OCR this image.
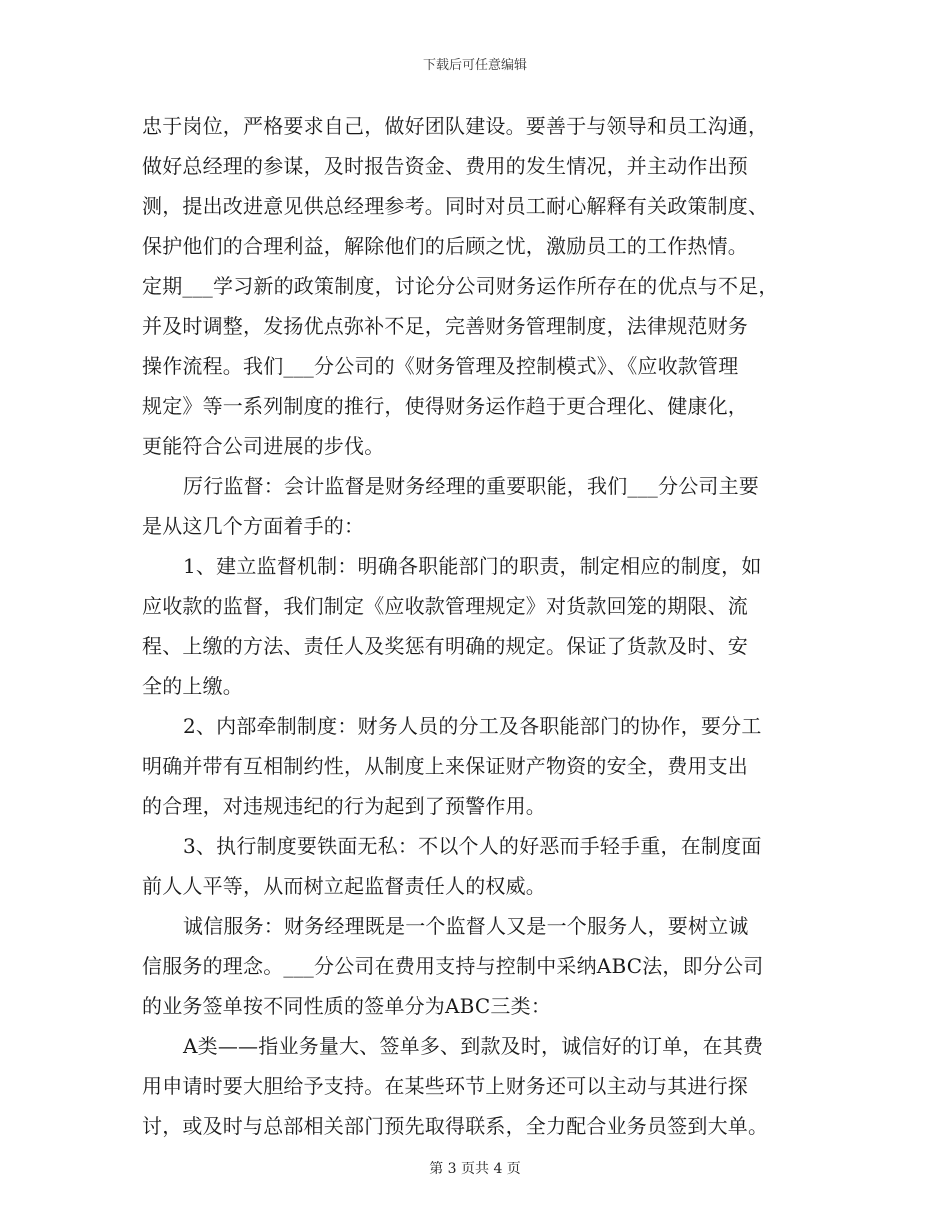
下载后可任意编辑
忠于岗位，严格要求自己，做好团队建设。要善于与领导和员工沟通，
做好总经理的参谋，及时报告资金、费用的发生情况，并主动作出预
测，提出改进意见供总经理参考。同时对员工耐心解释有关政策制度、
保护他们的合理利益，解除他们的后顾之忧，激励员工的工作热情。
定期___学习新的政策制度，讨论分公司财务运作所存在的优点与不足，
并及时调整，发扬优点弥补不足，完善财务管理制度，法律规范财务
操作流程。我们___分公司的《财务管理及控制模式》、《应收款管理
规定》等一系列制度的推行，使得财务运作趋于更合理化、健康化，
更能符合公司进展的步伐。
厉行监督：会计监督是财务经理的重要职能，我们___分公司主要
是从这几个方面着手的：
1、建立监督机制：明确各职能部门的职责，制定相应的制度，如
应收款的监督，我们制定《应收款管理规定》对货款回笼的期限、流
程、上缴的方法、责任人及奖惩有明确的规定。保证了货款及时、安
全的上缴。
2、内部牵制制度：财务人员的分工及各职能部门的协作，要分工
明确并带有互相制约性，从制度上来保证财产物资的安全，费用支出
的合理，对违规违纪的行为起到了预警作用。
3、执行制度要铁面无私：不以个人的好恶而手轻手重，在制度面
前人人平等，从而树立起监督责任人的权威。
诚信服务：财务经理既是一个监督人又是一个服务人，要树立诚
信服务的理念。___分公司在费用支持与控制中采纳ABC法，即分公司
的业务签单按不同性质的签单分为ABC三类：
A类——指业务量大、签单多、到款及时，诚信好的订单，在其费
用申请时要大胆给予支持。在某些环节上财务还可以主动与其进行探
讨，或及时与总部相关部门预先取得联系，全力配合业务员签到大单。
第 3 页共 4 页
